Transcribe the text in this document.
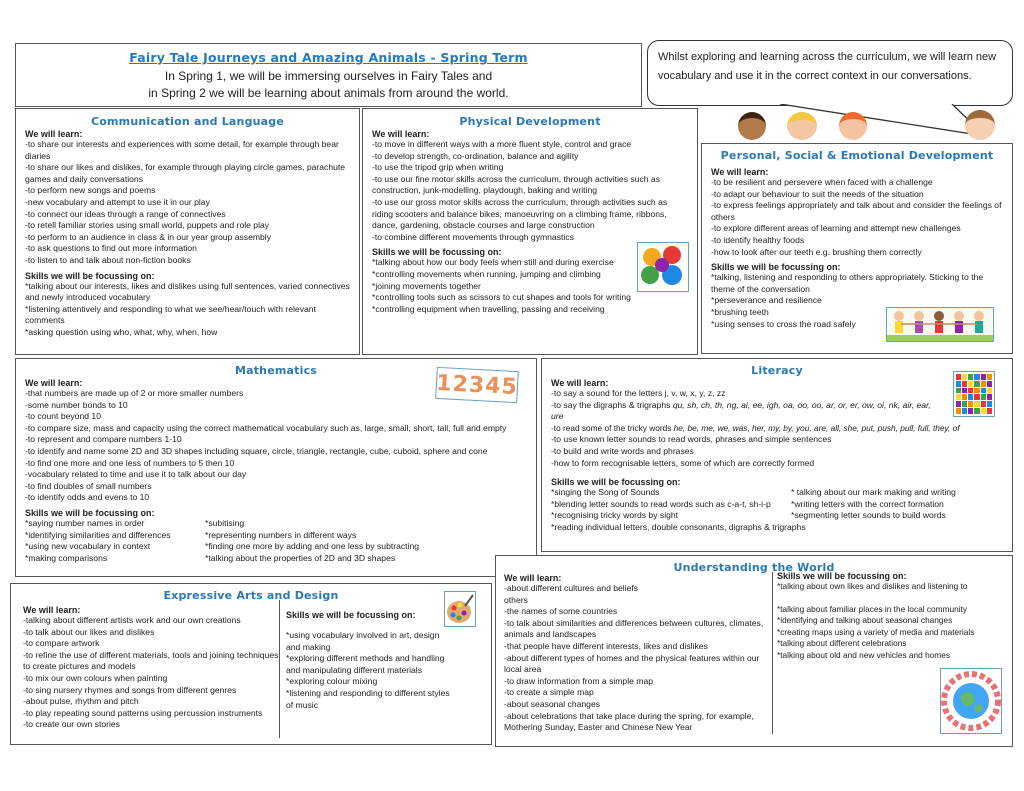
Fairy Tale Journeys and Amazing Animals - Spring Term
In Spring 1, we will be immersing ourselves in Fairy Tales and
in Spring 2 we will be learning about animals from around the world.
Whilst exploring and learning across the curriculum, we will learn new vocabulary and use it in the correct context in our conversations.
Communication and Language
We will learn:
-to share our interests and experiences with some detail, for example through bear diaries
-to share our likes and dislikes, for example through playing circle games, parachute games and daily conversations
-to perform new songs and poems
-new vocabulary and attempt to use it in our play
-to connect our ideas through a range of connectives
-to retell familiar stories using small world, puppets and role play
-to perform to an audience in class & in our year group assembly
-to ask questions to find out more information
-to listen to and talk about non-fiction books
Skills we will be focussing on:
*talking about our interests, likes and dislikes using full sentences, varied connectives and newly introduced vocabulary
*listening attentively and responding to what we see/hear/touch with relevant comments
*asking question using who, what, why, when, how
Physical Development
We will learn:
-to move in different ways with a more fluent style, control and grace
-to develop strength, co-ordination, balance and agility
-to use the tripod grip when writing
-to use our fine motor skills across the curriculum, through activities such as construction, junk-modelling, playdough, baking and writing
-to use our gross motor skills across the curriculum, through activities such as riding scooters and balance bikes, manoeuvring on a climbing frame, ribbons, dance, gardening, obstacle courses and large construction
-to combine different movements through gymnastics
Skills we will be focussing on:
*talking about how our body feels when still and during exercise
*controlling movements when running, jumping and climbing
*joining movements together
*controlling tools such as scissors to cut shapes and tools for writing
*controlling equipment when travelling, passing and receiving
Personal, Social & Emotional Development
We will learn:
-to be resilient and persevere when faced with a challenge
-to adapt our behaviour to suit the needs of the situation
-to express feelings appropriately and talk about and consider the feelings of others
-to explore different areas of learning and attempt new challenges
-to identify healthy foods
-how to look after our teeth e.g. brushing them correctly
Skills we will be focussing on:
*talking, listening and responding to others appropriately. Sticking to the theme of the conversation
*perseverance and resilience
*brushing teeth
*using senses to cross the road safely
Mathematics
We will learn:
-that numbers are made up of 2 or more smaller numbers
-some number bonds to 10
-to count beyond 10
-to compare size, mass and capacity using the correct mathematical vocabulary such as, large, small, short, tall, full and empty
-to represent and compare numbers 1-10
-to identify and name some 2D and 3D shapes including square, circle, triangle, rectangle, cube, cuboid, sphere and cone
-to find one more and one less of numbers to 5 then 10
-vocabulary related to time and use it to talk about our day
-to find doubles of small numbers
-to identify odds and evens to 10
Skills we will be focussing on:
*saying number names in order
*identifying similarities and differences
*using new vocabulary in context
*making comparisons
*subitising
*representing numbers in different ways
*finding one more by adding and one less by subtracting
*talking about the properties of 2D and 3D shapes
12345	Literacy
We will learn:
-to say a sound for the letters j, v, w, x, y, z, zz
-to say the digraphs & trigraphs qu, sh, ch, th, ng, ai, ee, igh, oa, oo, oo, ar, or, er, ow, oi, nk, air, ear, ure
-to read some of the tricky words he, be, me, we, was, her, my, by, you, are, all, she, put, push, pull, full, they, of
-to use known letter sounds to read words, phrases and simple sentences
-to build and write words and phrases
-how to form recognisable letters, some of which are correctly formed
Skills we will be focussing on:
*singing the Song of Sounds
*blending letter sounds to read words such as c-a-t, sh-i-p
*recognising tricky words by sight
* talking about our mark making and writing
*writing letters with the correct formation
*segmenting letter sounds to build words
*reading individual letters, double consonants, digraphs & trigraphs
Understanding the World
We will learn:
-about different cultures and beliefs
others
-the names of some countries
-to talk about similarities and differences between cultures, climates, animals and landscapes
-that people have different interests, likes and dislikes
-about different types of homes and the physical features within our local area
-to draw information from a simple map
-to create a simple map
-about seasonal changes
-about celebrations that take place during the spring, for example, Mothering Sunday, Easter and Chinese New Year
Skills we will be focussing on:
*talking about own likes and dislikes and listening to
*talking about familiar places in the local community
*identifying and talking about seasonal changes
*creating maps using a variety of media and materials
*talking about different celebrations
*talking about old and new vehicles and homes
Expressive Arts and Design
We will learn:
-talking about different artists work and our own creations
-to talk about our likes and dislikes
-to compare artwork
-to refine the use of different materials, tools and joining techniques to create pictures and models
-to mix our own colours when painting
-to sing nursery rhymes and songs from different genres
-about pulse, rhythm and pitch
-to play repeating sound patterns using percussion instruments
-to create our own stories
Skills we will be focussing on:
*using vocabulary involved in art, design and making
*exploring different methods and handling and manipulating different materials
*exploring colour mixing
*listening and responding to different styles of music
